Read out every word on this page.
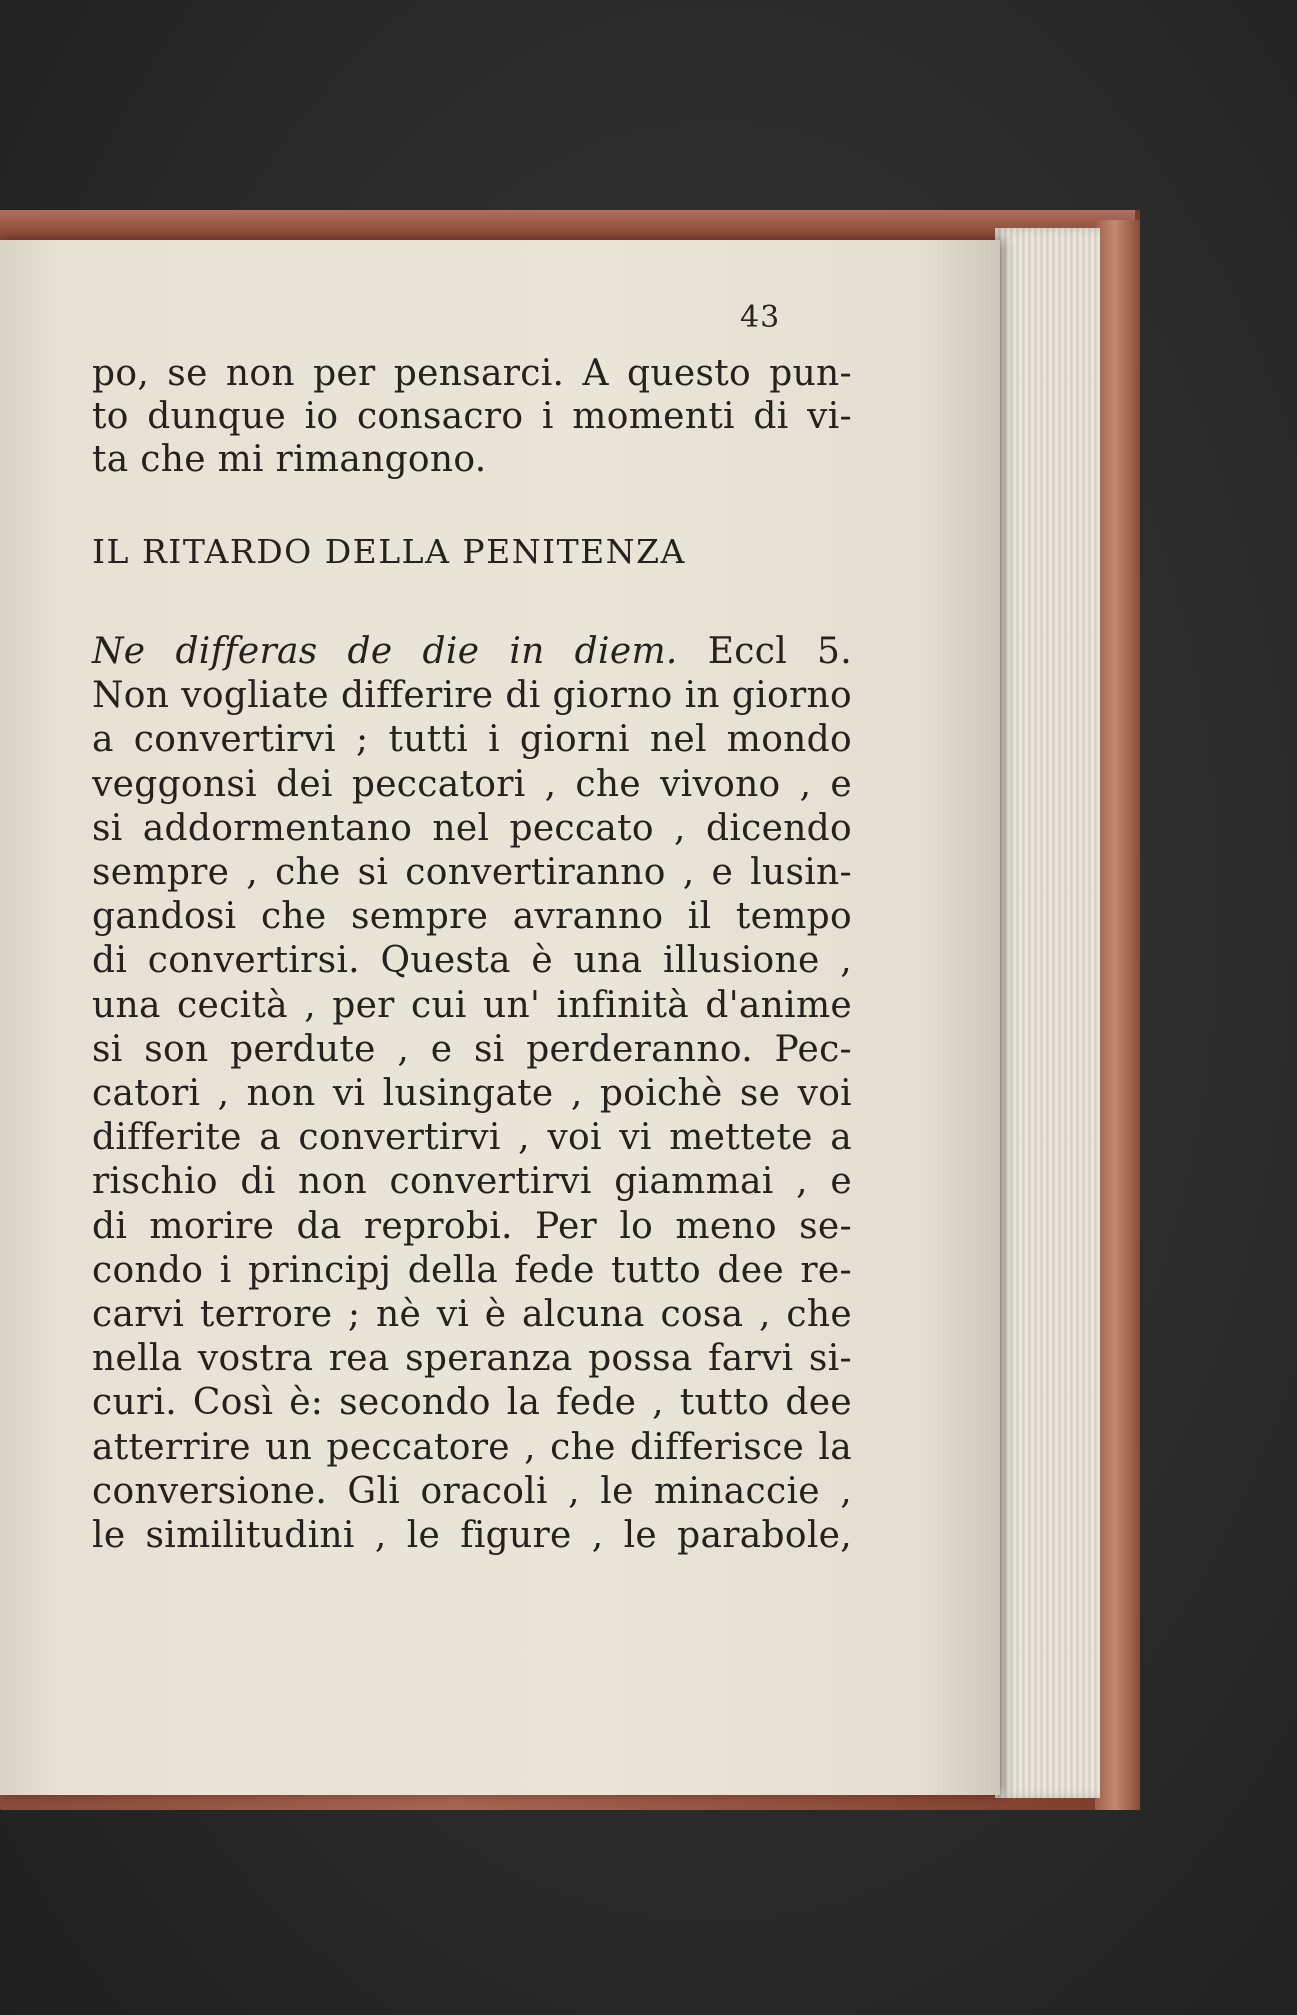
43
po, se non per pensarci. A questo pun-
to dunque io consacro i momenti di vi-
ta che mi rimangono.
IL RITARDO DELLA PENITENZA
Ne differas de die in diem. Eccl 5.
Non vogliate differire di giorno in giorno
a convertirvi ; tutti i giorni nel mondo
veggonsi dei peccatori , che vivono , e
si addormentano nel peccato , dicendo
sempre , che si convertiranno , e lusin-
gandosi che sempre avranno il tempo
di convertirsi. Questa è una illusione ,
una cecità , per cui un' infinità d'anime
si son perdute , e si perderanno. Pec-
catori , non vi lusingate , poichè se voi
differite a convertirvi , voi vi mettete a
rischio di non convertirvi giammai , e
di morire da reprobi. Per lo meno se-
condo i principj della fede tutto dee re-
carvi terrore ; nè vi è alcuna cosa , che
nella vostra rea speranza possa farvi si-
curi. Così è: secondo la fede , tutto dee
atterrire un peccatore , che differisce la
conversione. Gli oracoli , le minaccie ,
le similitudini , le figure , le parabole,
